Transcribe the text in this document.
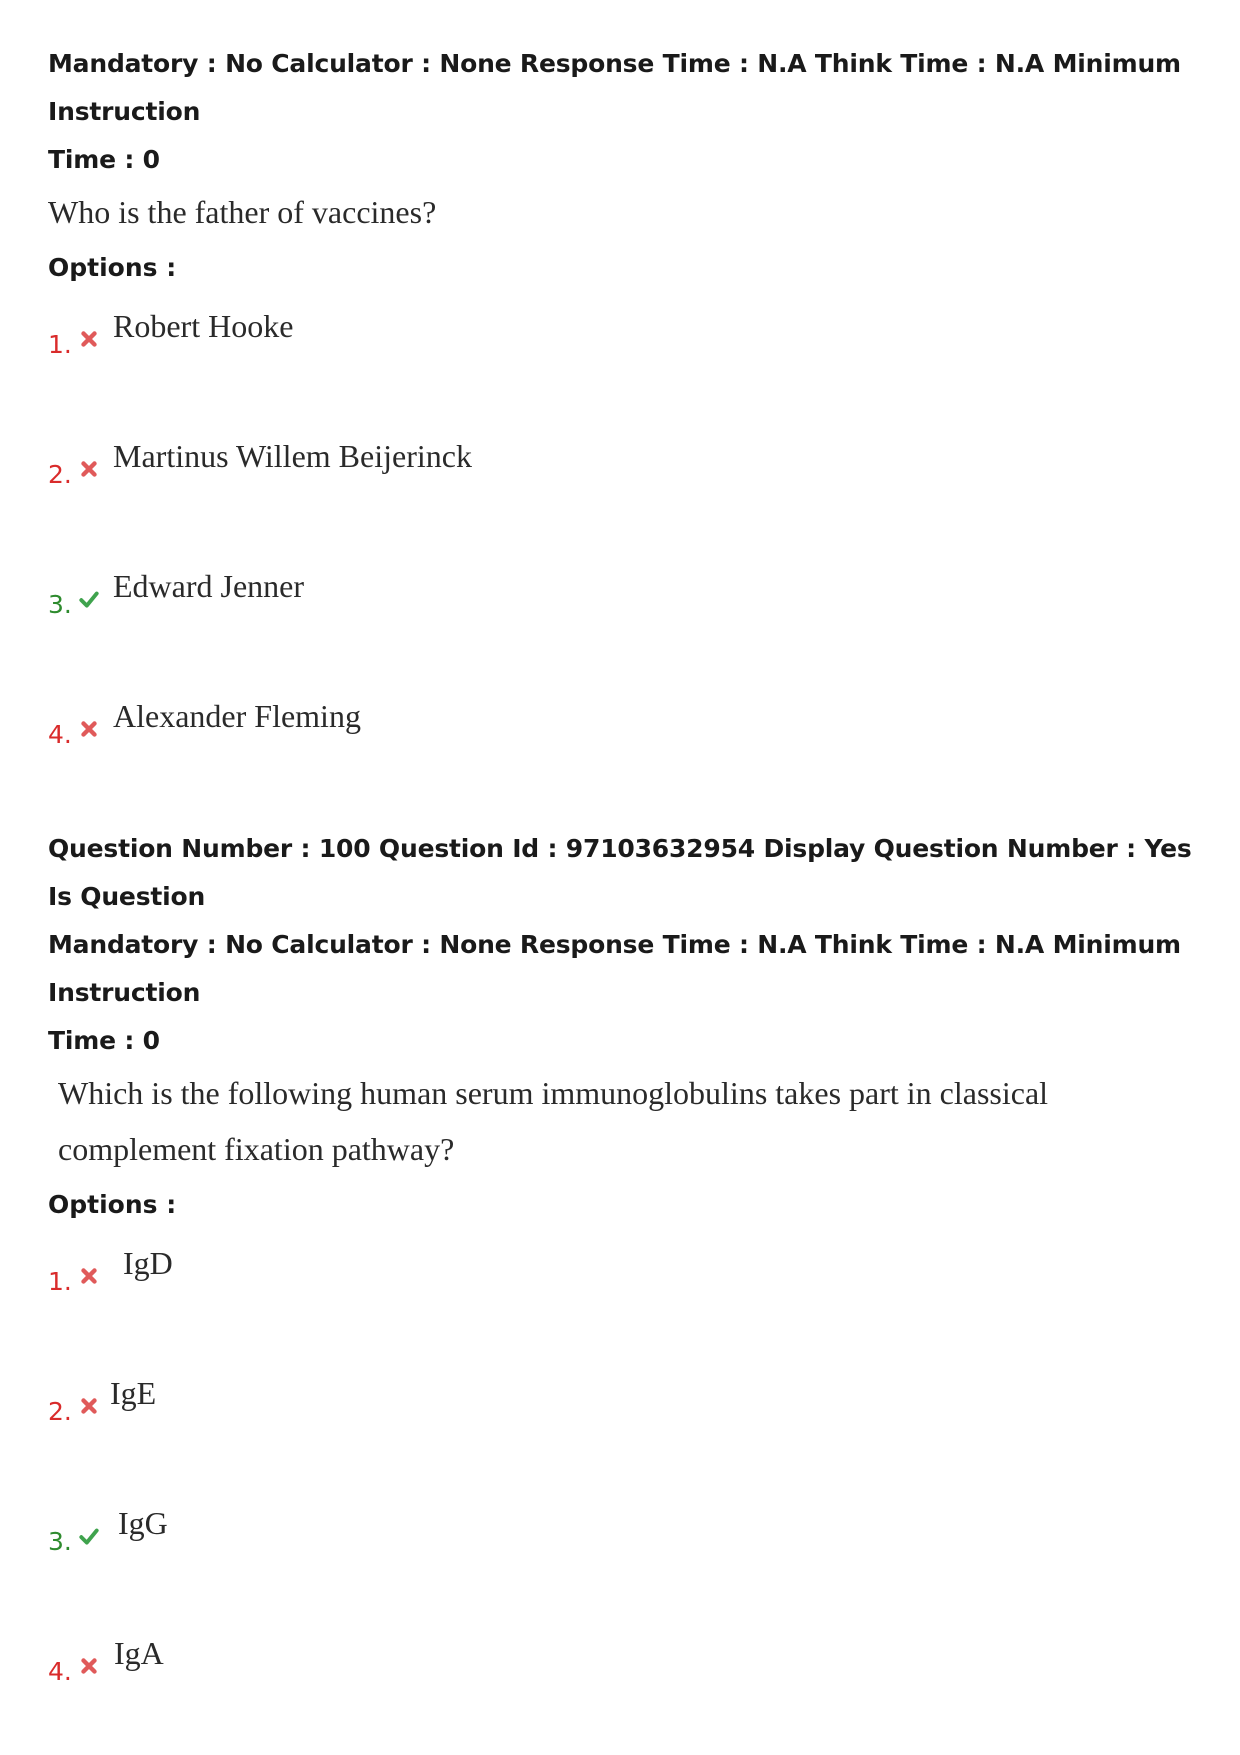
Mandatory : No Calculator : None Response Time : N.A Think Time : N.A Minimum Instruction

Time : 0

Who is the father of vaccines?

Options :

1.
Robert Hooke
2.
Martinus Willem Beijerinck
3.
Edward Jenner
4.
Alexander Fleming

Question Number : 100 Question Id : 97103632954 Display Question Number : Yes Is Question

Mandatory : No Calculator : None Response Time : N.A Think Time : N.A Minimum Instruction

Time : 0

Which is the following human serum immunoglobulins takes part in classical

complement fixation pathway?

Options :

1.
IgD
2.
IgE
3.
IgG
4.
IgA
